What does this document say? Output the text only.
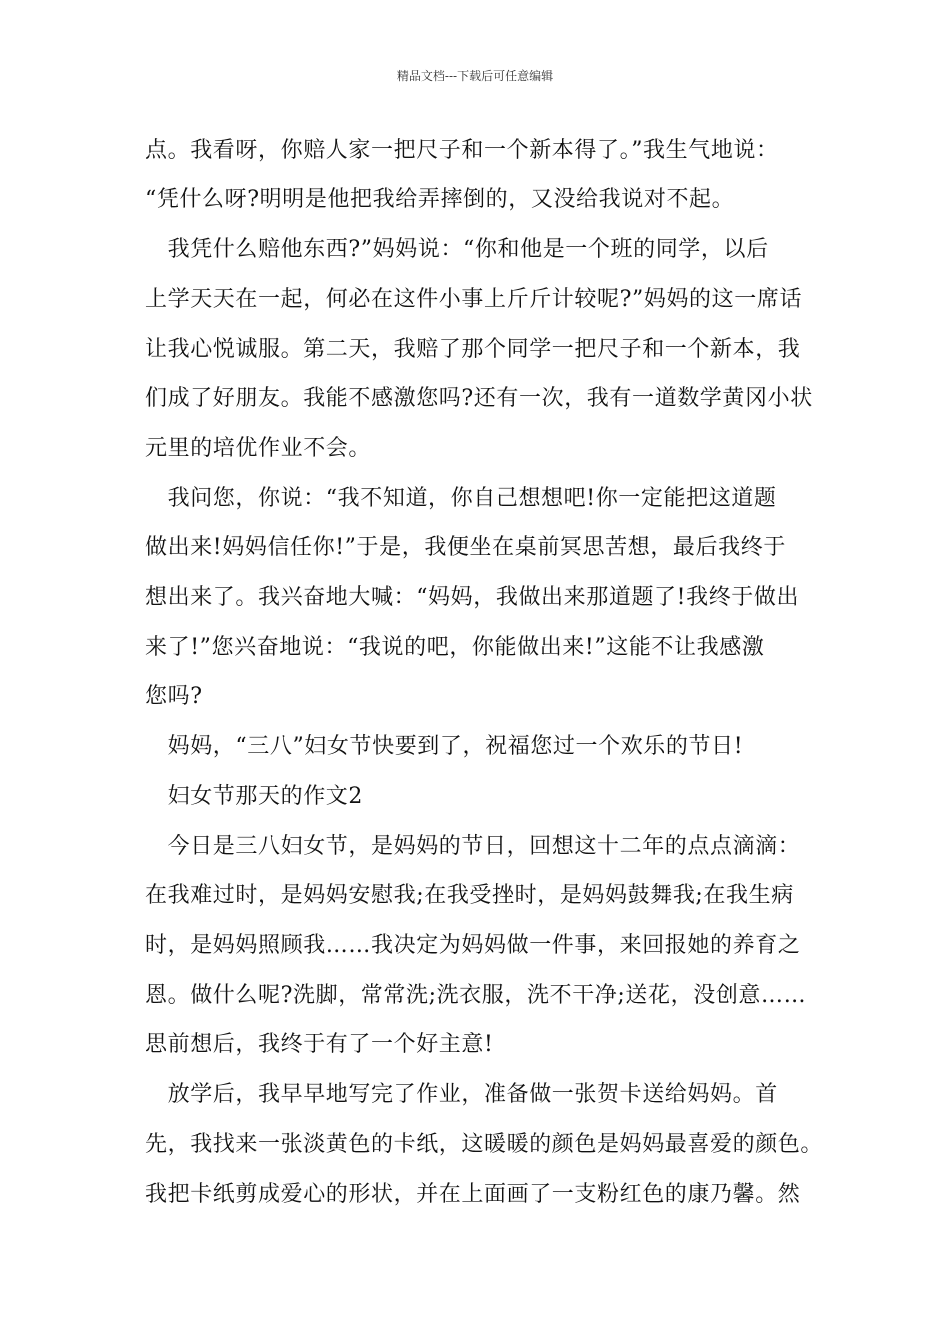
精品文档---下载后可任意编辑
点。我看呀，你赔人家一把尺子和一个新本得了。”我生气地说：
“凭什么呀?明明是他把我给弄摔倒的，又没给我说对不起。
　我凭什么赔他东西?”妈妈说：“你和他是一个班的同学，以后
上学天天在一起，何必在这件小事上斤斤计较呢?”妈妈的这一席话
让我心悦诚服。第二天，我赔了那个同学一把尺子和一个新本，我
们成了好朋友。我能不感激您吗?还有一次，我有一道数学黄冈小状
元里的培优作业不会。
　我问您，你说：“我不知道，你自己想想吧!你一定能把这道题
做出来!妈妈信任你!”于是，我便坐在桌前冥思苦想，最后我终于
想出来了。我兴奋地大喊：“妈妈，我做出来那道题了!我终于做出
来了!”您兴奋地说：“我说的吧，你能做出来!”这能不让我感激
您吗?
　妈妈，“三八”妇女节快要到了，祝福您过一个欢乐的节日!
　妇女节那天的作文2
　今日是三八妇女节，是妈妈的节日，回想这十二年的点点滴滴：
在我难过时，是妈妈安慰我;在我受挫时，是妈妈鼓舞我;在我生病
时，是妈妈照顾我……我决定为妈妈做一件事，来回报她的养育之
恩。做什么呢?洗脚，常常洗;洗衣服，洗不干净;送花，没创意……
思前想后，我终于有了一个好主意!
　放学后，我早早地写完了作业，准备做一张贺卡送给妈妈。首
先，我找来一张淡黄色的卡纸，这暖暖的颜色是妈妈最喜爱的颜色。
我把卡纸剪成爱心的形状，并在上面画了一支粉红色的康乃馨。然
